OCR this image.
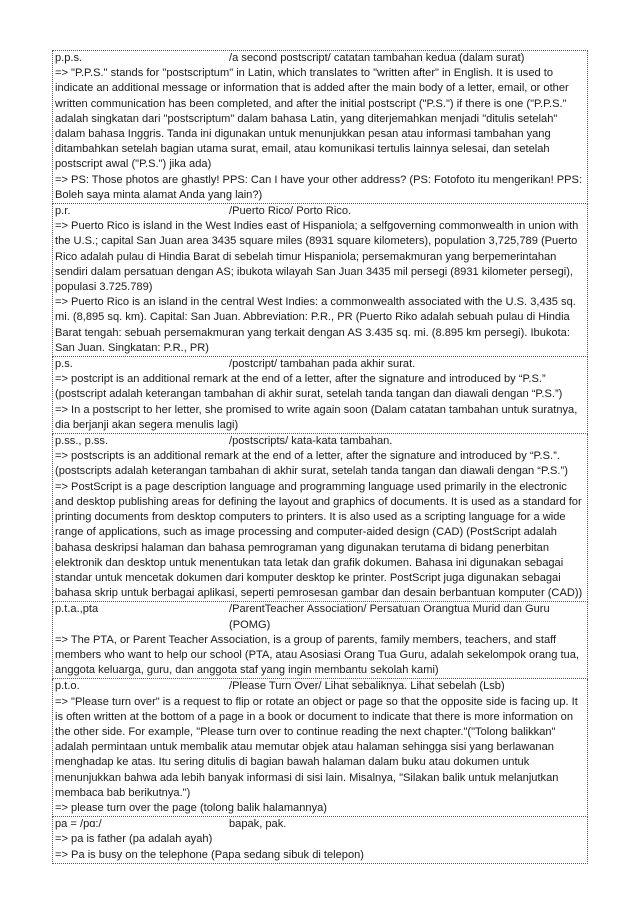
p.p.s.	/a second postscript/ catatan tambahan kedua (dalam surat)

=> "P.P.S." stands for "postscriptum" in Latin, which translates to "written after" in English. It is used to indicate an additional message or information that is added after the main body of a letter, email, or other written communication has been completed, and after the initial postscript ("P.S.") if there is one ("P.P.S." adalah singkatan dari "postscriptum" dalam bahasa Latin, yang diterjemahkan menjadi "ditulis setelah" dalam bahasa Inggris. Tanda ini digunakan untuk menunjukkan pesan atau informasi tambahan yang ditambahkan setelah bagian utama surat, email, atau komunikasi tertulis lainnya selesai, dan setelah postscript awal ("P.S.") jika ada)

=> PS: Those photos are ghastly! PPS: Can I have your other address? (PS: Fotofoto itu mengerikan! PPS: Boleh saya minta alamat Anda yang lain?)

p.r.	/Puerto Rico/ Porto Rico.

=> Puerto Rico is island in the West Indies east of Hispaniola; a selfgoverning commonwealth in union with the U.S.; capital San Juan area 3435 square miles (8931 square kilometers), population 3,725,789 (Puerto Rico adalah pulau di Hindia Barat di sebelah timur Hispaniola; persemakmuran yang berpemerintahan sendiri dalam persatuan dengan AS; ibukota wilayah San Juan 3435 mil persegi (8931 kilometer persegi), populasi 3.725.789)

=> Puerto Rico is an island in the central West Indies: a commonwealth associated with the U.S. 3,435 sq. mi. (8,895 sq. km). Capital: San Juan. Abbreviation: P.R., PR (Puerto Riko adalah sebuah pulau di Hindia Barat tengah: sebuah persemakmuran yang terkait dengan AS 3.435 sq. mi. (8.895 km persegi). Ibukota: San Juan. Singkatan: P.R., PR)

p.s.	/postcript/ tambahan pada akhir surat.

=> postcript is an additional remark at the end of a letter, after the signature and introduced by “P.S.” (postscript adalah keterangan tambahan di akhir surat, setelah tanda tangan dan diawali dengan “P.S.”)

=> In a postscript to her letter, she promised to write again soon (Dalam catatan tambahan untuk suratnya, dia berjanji akan segera menulis lagi)

p.ss., p.ss.	/postscripts/ kata-kata tambahan.

=> postscripts is an additional remark at the end of a letter, after the signature and introduced by “P.S.”. (postscripts adalah keterangan tambahan di akhir surat, setelah tanda tangan dan diawali dengan “P.S.”)

=> PostScript is a page description language and programming language used primarily in the electronic and desktop publishing areas for defining the layout and graphics of documents. It is used as a standard for printing documents from desktop computers to printers. It is also used as a scripting language for a wide range of applications, such as image processing and computer-aided design (CAD) (PostScript adalah bahasa deskripsi halaman dan bahasa pemrograman yang digunakan terutama di bidang penerbitan elektronik dan desktop untuk menentukan tata letak dan grafik dokumen. Bahasa ini digunakan sebagai standar untuk mencetak dokumen dari komputer desktop ke printer. PostScript juga digunakan sebagai bahasa skrip untuk berbagai aplikasi, seperti pemrosesan gambar dan desain berbantuan komputer (CAD))

p.t.a.,pta	/ParentTeacher Association/ Persatuan Orangtua Murid dan Guru (POMG)

=> The PTA, or Parent Teacher Association, is a group of parents, family members, teachers, and staff members who want to help our school (PTA, atau Asosiasi Orang Tua Guru, adalah sekelompok orang tua, anggota keluarga, guru, dan anggota staf yang ingin membantu sekolah kami)

p.t.o.	/Please Turn Over/ Lihat sebaliknya. Lihat sebelah (Lsb)

=> "Please turn over" is a request to flip or rotate an object or page so that the opposite side is facing up. It is often written at the bottom of a page in a book or document to indicate that there is more information on the other side. For example, "Please turn over to continue reading the next chapter."("Tolong balikkan" adalah permintaan untuk membalik atau memutar objek atau halaman sehingga sisi yang berlawanan menghadap ke atas. Itu sering ditulis di bagian bawah halaman dalam buku atau dokumen untuk menunjukkan bahwa ada lebih banyak informasi di sisi lain. Misalnya, "Silakan balik untuk melanjutkan membaca bab berikutnya.")

=> please turn over the page (tolong balik halamannya)

pa = /pɑ:/	bapak, pak.

=> pa is father (pa adalah ayah)

=> Pa is busy on the telephone (Papa sedang sibuk di telepon)
